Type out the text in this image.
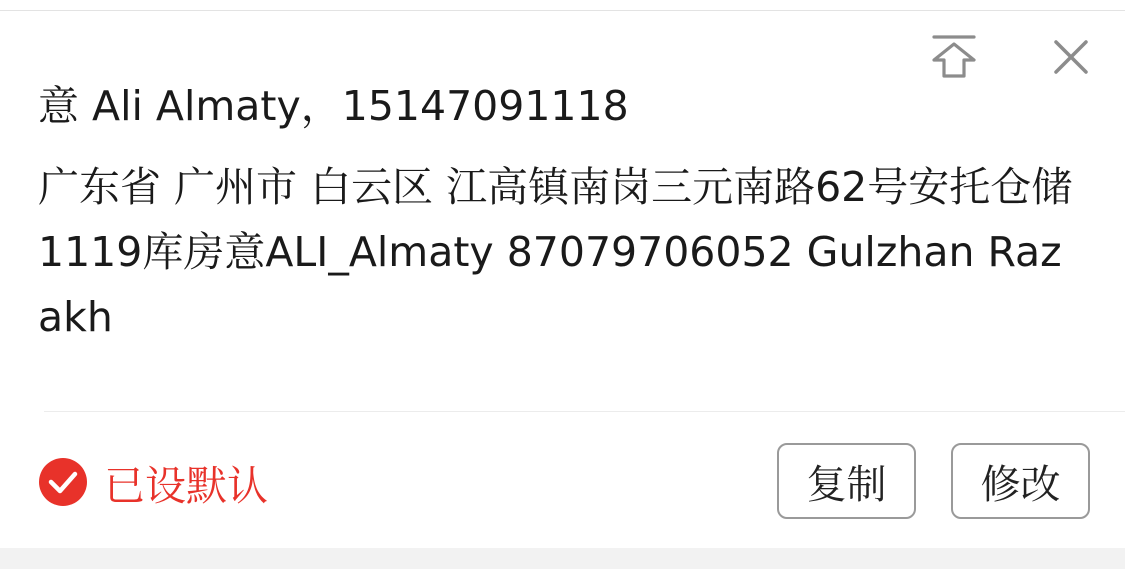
意 Ali Almaty，15147091118
广东省 广州市 白云区 江高镇南岗三元南路62号安托仓储1119库房意ALI_Almaty 87079706052 Gulzhan Razakh
已设默认	复制	修改
